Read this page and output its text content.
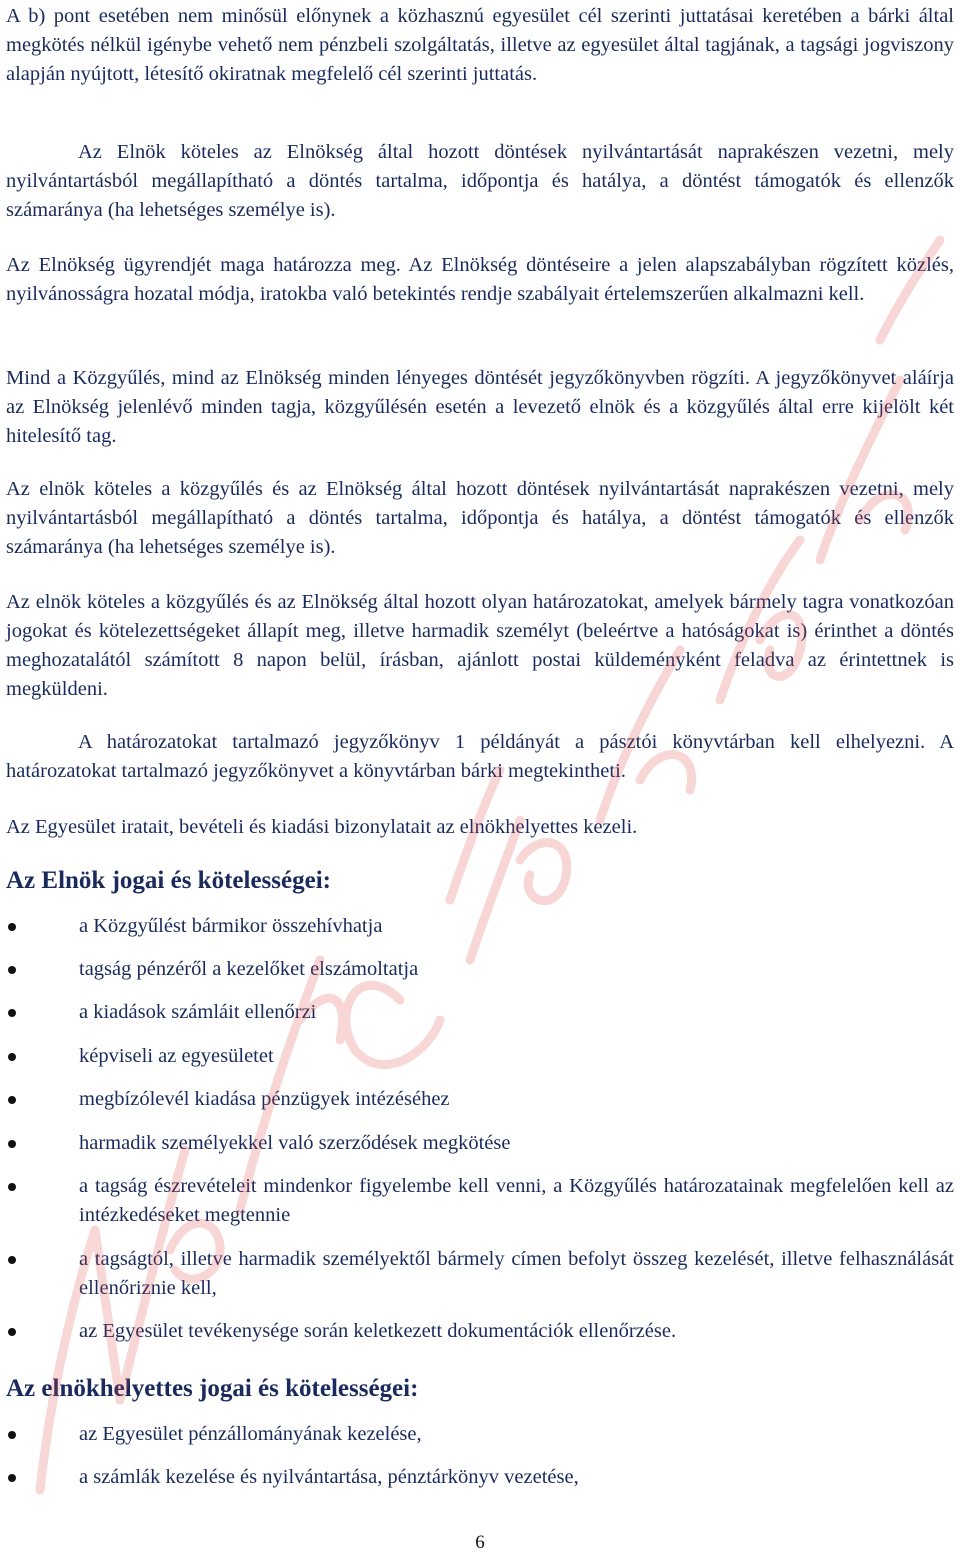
A b) pont esetében nem minősül előnynek a közhasznú egyesület cél szerinti juttatásai keretében a bárki által megkötés nélkül igénybe vehető nem pénzbeli szolgáltatás, illetve az egyesület által tagjának, a tagsági jogviszony alapján nyújtott, létesítő okiratnak megfelelő cél szerinti juttatás.
Az Elnök köteles az Elnökség által hozott döntések nyilvántartását naprakészen vezetni, mely nyilvántartásból megállapítható a döntés tartalma, időpontja és hatálya, a döntést támogatók és ellenzők számaránya (ha lehetséges személye is).
Az Elnökség ügyrendjét maga határozza meg. Az Elnökség döntéseire a jelen alapszabályban rögzített közlés, nyilvánosságra hozatal módja, iratokba való betekintés rendje szabályait értelemszerűen alkalmazni kell.
Mind a Közgyűlés, mind az Elnökség minden lényeges döntését jegyzőkönyvben rögzíti. A jegyzőkönyvet aláírja az Elnökség jelenlévő minden tagja, közgyűlésén esetén a levezető elnök és a közgyűlés által erre kijelölt két hitelesítő tag.
Az elnök köteles a közgyűlés és az Elnökség által hozott döntések nyilvántartását naprakészen vezetni, mely nyilvántartásból megállapítható a döntés tartalma, időpontja és hatálya, a döntést támogatók és ellenzők számaránya (ha lehetséges személye is).
Az elnök köteles a közgyűlés és az Elnökség által hozott olyan határozatokat, amelyek bármely tagra vonatkozóan jogokat és kötelezettségeket állapít meg, illetve harmadik személyt (beleértve a hatóságokat is) érinthet a döntés meghozatalától számított 8 napon belül, írásban, ajánlott postai küldeményként feladva az érintettnek is megküldeni.
A határozatokat tartalmazó jegyzőkönyv 1 példányát a pásztói könyvtárban kell elhelyezni. A határozatokat tartalmazó jegyzőkönyvet a könyvtárban bárki megtekintheti.
Az Egyesület iratait, bevételi és kiadási bizonylatait az elnökhelyettes kezeli.
Az Elnök jogai és kötelességei:
a Közgyűlést bármikor összehívhatja
tagság pénzéről a kezelőket elszámoltatja
a kiadások számláit ellenőrzi
képviseli az egyesületet
megbízólevél kiadása pénzügyek intézéséhez
harmadik személyekkel való szerződések megkötése
a tagság észrevételeit mindenkor figyelembe kell venni, a Közgyűlés határozatainak megfelelően kell az intézkedéseket megtennie
a tagságtól, illetve harmadik személyektől bármely címen befolyt összeg kezelését, illetve felhasználását ellenőriznie kell,
az Egyesület tevékenysége során keletkezett dokumentációk ellenőrzése.
Az elnökhelyettes jogai és kötelességei:
az Egyesület pénzállományának kezelése,
a számlák kezelése és nyilvántartása, pénztárkönyv vezetése,
6
